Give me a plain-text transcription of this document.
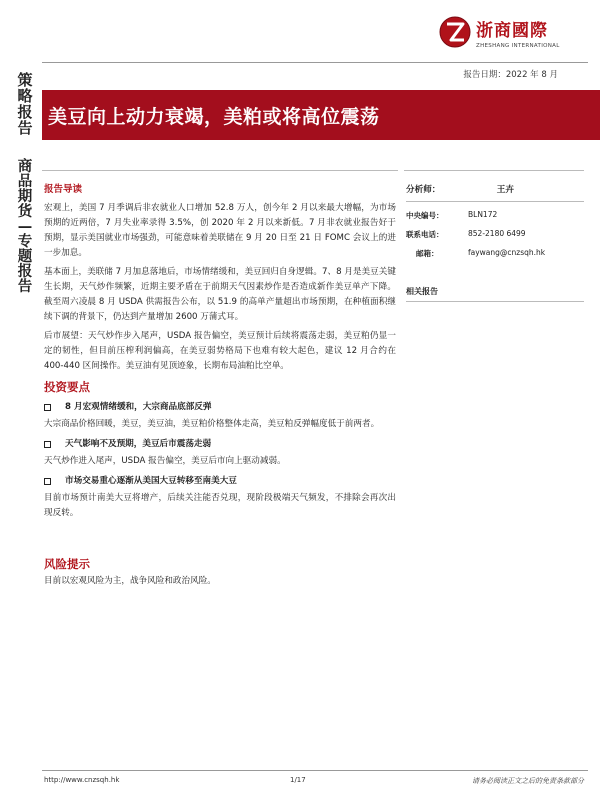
浙商國際
ZHESHANG INTERNATIONAL
策略报告
商品期货 — 专题报告
报告日期：2022 年 8 月
美豆向上动力衰竭，美粕或将高位震荡
报告导读
宏观上，美国 7 月季调后非农就业人口增加 52.8 万人，创今年 2 月以来最大增幅，为市场预期的近两倍，7 月失业率录得 3.5%，创 2020 年 2 月以来新低。7 月非农就业报告好于预期，显示美国就业市场强劲，可能意味着美联储在 9 月 20 日至 21 日 FOMC 会议上的进一步加息。
基本面上，美联储 7 月加息落地后，市场情绪缓和，美豆回归自身逻辑。7、8 月是美豆关键生长期，天气炒作频繁，近期主要矛盾在于前期天气因素炒作是否造成新作美豆单产下降。截至周六凌晨 8 月 USDA 供需报告公布，以 51.9 的高单产量超出市场预期，在种植面积继续下调的背景下，仍达到产量增加 2600 万蒲式耳。
后市展望：天气炒作步入尾声，USDA 报告偏空，美豆预计后续将震荡走弱，美豆粕仍显一定的韧性，但目前压榨利润偏高，在美豆弱势格局下也难有较大起色，建议 12 月合约在 400-440 区间操作。美豆油有见顶迹象，长期布局油粕比空单。
投资要点
8 月宏观情绪缓和，大宗商品底部反弹
大宗商品价格回暖，美豆，美豆油，美豆粕价格整体走高，美豆粕反弹幅度低于前两者。
天气影响不及预期，美豆后市震荡走弱
天气炒作进入尾声，USDA 报告偏空，美豆后市向上驱动减弱。
市场交易重心逐渐从美国大豆转移至南美大豆
目前市场预计南美大豆将增产，后续关注能否兑现，现阶段极端天气频发，不排除会再次出现反转。
风险提示
目前以宏观风险为主，战争风险和政治风险。
分析师：	王卉
中央编号：	BLN172
联系电话：	852-2180 6499
邮箱：	faywang@cnzsqh.hk
相关报告
http://www.cnzsqh.hk	1/17	请务必阅读正文之后的免责条款部分
